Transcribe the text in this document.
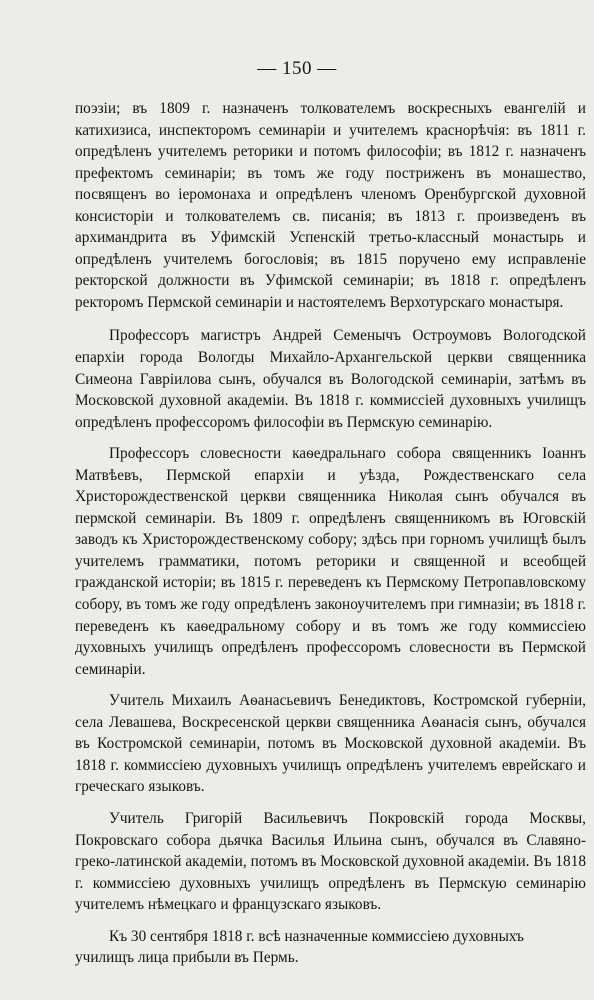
— 150 —

поэзіи; въ 1809 г. назначенъ толкователемъ воскресныхъ евангелій и катихизиса, инспекторомъ семинаріи и учителемъ краснорѣчія: въ 1811 г. опредѣленъ учителемъ реторики и потомъ философіи; въ 1812 г. назначенъ префектомъ семинаріи; въ томъ же году постриженъ въ монашество, посвященъ во іеромонаха и опредѣленъ членомъ Оренбургской духовной консисторіи и толкователемъ св. писанія; въ 1813 г. произведенъ въ архимандрита въ Уфимскій Успенскій третьо-классный монастырь и опредѣленъ учителемъ богословія; въ 1815 поручено ему исправленіе ректорской должности въ Уфимской семинаріи; въ 1818 г. опредѣленъ ректоромъ Пермской семинаріи и настоятелемъ Верхотурскаго монастыря.

Профессоръ магистръ Андрей Семенычъ Остроумовъ Вологодской епархіи города Вологды Михайло-Архангельской церкви священника Симеона Гавріилова сынъ, обучался въ Вологодской семинаріи, затѣмъ въ Московской духовной академіи. Въ 1818 г. коммиссіей духовныхъ училищъ опредѣленъ профессоромъ философіи въ Пермскую семинарію.

Профессоръ словесности каѳедральнаго собора священникъ Іоаннъ Матвѣевъ, Пермской епархіи и уѣзда, Рождественскаго села Христорождественской церкви священника Николая сынъ обучался въ пермской семинаріи. Въ 1809 г. опредѣленъ священникомъ въ Юговскій заводъ къ Христорождественскому собору; здѣсь при горномъ училищѣ былъ учителемъ грамматики, потомъ реторики и священной и всеобщей гражданской исторіи; въ 1815 г. переведенъ къ Пермскому Петропавловскому собору, въ томъ же году опредѣленъ законоучителемъ при гимназіи; въ 1818 г. переведенъ къ каѳедральному собору и въ томъ же году коммиссіею духовныхъ училищъ опредѣленъ профессоромъ словесности въ Пермской семинаріи.

Учитель Михаилъ Аѳанасьевичъ Бенедиктовъ, Костромской губерніи, села Левашева, Воскресенской церкви священника Аѳанасія сынъ, обучался въ Костромской семинаріи, потомъ въ Московской духовной академіи. Въ 1818 г. коммиссіею духовныхъ училищъ опредѣленъ учителемъ еврейскаго и греческаго языковъ.

Учитель Григорій Васильевичъ Покровскій города Москвы, Покровскаго собора дьячка Василья Ильина сынъ, обучался въ Славяно-греко-латинской академіи, потомъ въ Московской духовной академіи. Въ 1818 г. коммиссіею духовныхъ училищъ опредѣленъ въ Пермскую семинарію учителемъ нѣмецкаго и французскаго языковъ.

Къ 30 сентября 1818 г. всѣ назначенные коммиссіею духовныхъ училищъ лица прибыли въ Пермь.
